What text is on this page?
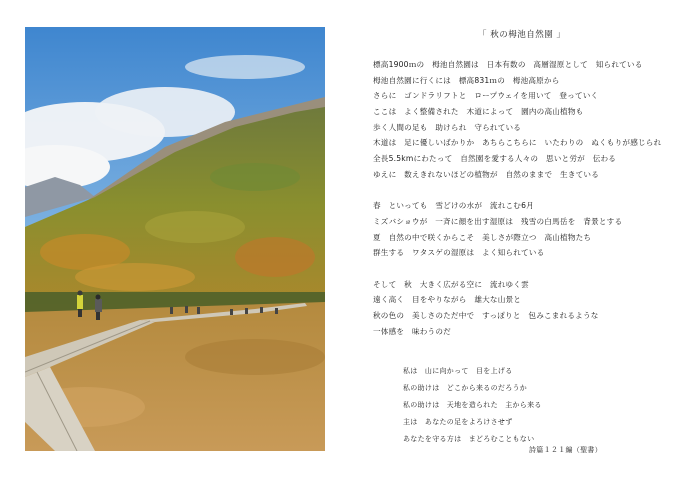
「 秋の栂池自然園 」
標高1900ｍの　栂池自然園は　日本有数の　高層湿原として　知られている
栂池自然園に行くには　標高831ｍの　栂池高原から
さらに　ゴンドラリフトと　ロープウェイを用いて　登っていく
ここは　よく整備された　木道によって　園内の高山植物も
歩く人間の足も　助けられ　守られている
木道は　足に優しいばかりか　あちらこちらに　いたわりの　ぬくもりが感じられ
全長5.5kmにわたって　自然園を愛する人々の　思いと労が　伝わる
ゆえに　数えきれないほどの植物が　自然のままで　生きている
春　といっても　雪どけの水が　流れこむ6月
ミズバショウが　一斉に顔を出す湿原は　残雪の白馬岳を　背景とする
夏　自然の中で咲くからこそ　美しさが際立つ　高山植物たち
群生する　ワタスゲの湿原は　よく知られている
そして　秋　大きく広がる空に　流れゆく雲
遠く高く　目をやりながら　雄大な山景と
秋の色の　美しさのただ中で　すっぽりと　包みこまれるような
一体感を　味わうのだ
私は　山に向かって　目を上げる
私の助けは　どこから来るのだろうか
私の助けは　天地を造られた　主から来る
主は　あなたの足をよろけさせず
あなたを守る方は　まどろむこともない
詩篇１２１編（聖書）
